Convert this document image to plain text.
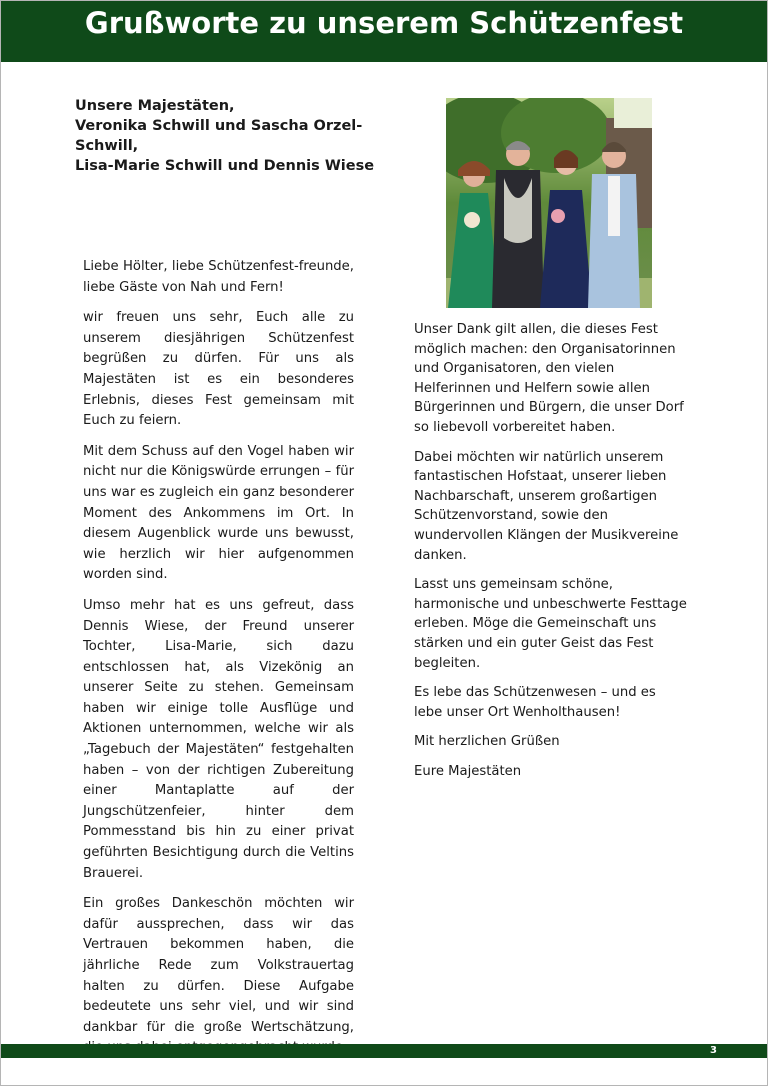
Grußworte zu unserem Schützenfest
Unsere Majestäten,
Veronika Schwill und Sascha Orzel-Schwill,
Lisa-Marie Schwill und Dennis Wiese

Liebe Hölter, liebe Schützenfest-freunde, liebe Gäste von Nah und Fern!

wir freuen uns sehr, Euch alle zu unserem diesjährigen Schützenfest begrüßen zu dürfen. Für uns als Majestäten ist es ein besonderes Erlebnis, dieses Fest gemeinsam mit Euch zu feiern.

Mit dem Schuss auf den Vogel haben wir nicht nur die Königswürde errungen – für uns war es zugleich ein ganz besonderer Moment des Ankommens im Ort. In diesem Augenblick wurde uns bewusst, wie herzlich wir hier aufgenommen worden sind.

Umso mehr hat es uns gefreut, dass Dennis Wiese, der Freund unserer Tochter, Lisa-Marie, sich dazu entschlossen hat, als Vizekönig an unserer Seite zu stehen. Gemeinsam haben wir einige tolle Ausflüge und Aktionen unternommen, welche wir als „Tagebuch der Majestäten“ festgehalten haben – von der richtigen Zubereitung einer Mantaplatte auf der Jungschützenfeier, hinter dem Pommesstand bis hin zu einer privat geführten Besichtigung durch die Veltins Brauerei.

Ein großes Dankeschön möchten wir dafür aussprechen, dass wir das Vertrauen bekommen haben, die jährliche Rede zum Volkstrauertag halten zu dürfen. Diese Aufgabe bedeutete uns sehr viel, und wir sind dankbar für die große Wertschätzung,

Unser Dank gilt allen, die dieses Fest möglich machen: den Organisatorinnen und Organisatoren, den vielen Helferinnen und Helfern sowie allen Bürgerinnen und Bürgern, die unser Dorf so liebevoll vorbereitet haben.

Dabei möchten wir natürlich unserem fantastischen Hofstaat, unserer lieben Nachbarschaft, unserem großartigen Schützenvorstand, sowie den wundervollen Klängen der Musikvereine danken.

Lasst uns gemeinsam schöne, harmonische und unbeschwerte Festtage erleben. Möge die Gemeinschaft uns stärken und ein guter Geist das Fest begleiten.

Es lebe das Schützenwesen – und es lebe unser Ort Wenholthausen!

Mit herzlichen Grüßen

Eure Majestäten

3
